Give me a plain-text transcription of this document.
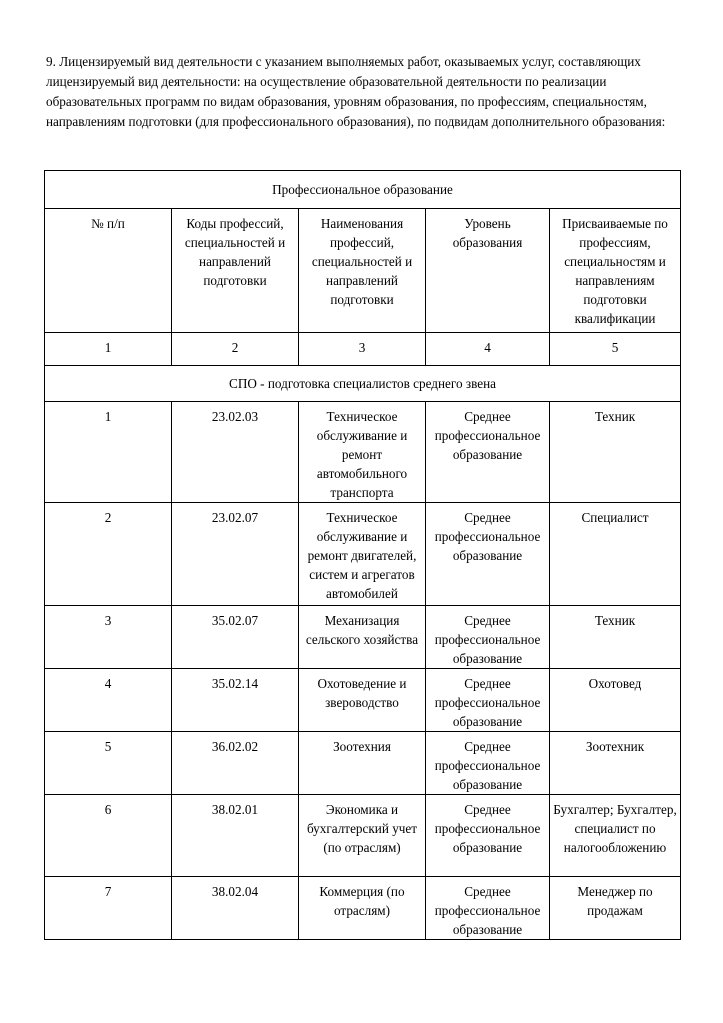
9. Лицензируемый вид деятельности с указанием выполняемых работ, оказываемых услуг, составляющих лицензируемый вид деятельности: на осуществление образовательной деятельности по реализации образовательных программ по видам образования, уровням образования, по профессиям, специальностям, направлениям подготовки (для профессионального образования), по подвидам дополнительного образования:

Профессиональное образование				
№ п/п	Коды профессий, специальностей и направлений подготовки	Наименования профессий, специальностей и направлений подготовки	Уровень образования	Присваиваемые по профессиям, специальностям и направлениям подготовки квалификации
1	2	3	4	5
СПО - подготовка специалистов среднего звена				
1	23.02.03	Техническое обслуживание и ремонт автомобильного транспорта	Среднее профессиональное образование	Техник
2	23.02.07	Техническое обслуживание и ремонт двигателей, систем и агрегатов автомобилей	Среднее профессиональное образование	Специалист
3	35.02.07	Механизация сельского хозяйства	Среднее профессиональное образование	Техник
4	35.02.14	Охотоведение и звероводство	Среднее профессиональное образование	Охотовед
5	36.02.02	Зоотехния	Среднее профессиональное образование	Зоотехник
6	38.02.01	Экономика и бухгалтерский учет (по отраслям)	Среднее профессиональное образование	Бухгалтер; Бухгалтер, специалист по налогообложению
7	38.02.04	Коммерция (по отраслям)	Среднее профессиональное образование	Менеджер по продажам
